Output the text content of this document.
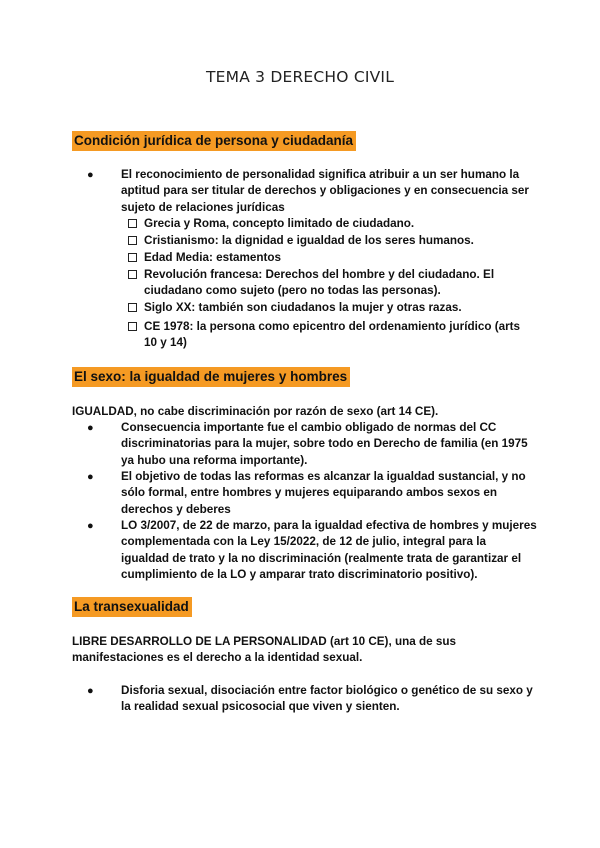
TEMA 3 DERECHO CIVIL
Condición jurídica de persona y ciudadanía
●	El reconocimiento de personalidad significa atribuir a un ser humano la aptitud para ser titular de derechos y obligaciones y en consecuencia ser sujeto de relaciones jurídicas
Grecia y Roma, concepto limitado de ciudadano.
Cristianismo: la dignidad e igualdad de los seres humanos.
Edad Media: estamentos
Revolución francesa: Derechos del hombre y del ciudadano. El ciudadano como sujeto (pero no todas las personas).
Siglo XX: también son ciudadanos la mujer y otras razas.
CE 1978: la persona como epicentro del ordenamiento jurídico (arts 10 y 14)
El sexo: la igualdad de mujeres y hombres

IGUALDAD, no cabe discriminación por razón de sexo (art 14 CE).

●	Consecuencia importante fue el cambio obligado de normas del CC discriminatorias para la mujer, sobre todo en Derecho de familia (en 1975 ya hubo una reforma importante).
●	El objetivo de todas las reformas es alcanzar la igualdad sustancial, y no sólo formal, entre hombres y mujeres equiparando ambos sexos en derechos y deberes
●	LO 3/2007, de 22 de marzo, para la igualdad efectiva de hombres y mujeres complementada con la Ley 15/2022, de 12 de julio, integral para la igualdad de trato y la no discriminación (realmente trata de garantizar el cumplimiento de la LO y amparar trato discriminatorio positivo).
La transexualidad

LIBRE DESARROLLO DE LA PERSONALIDAD (art 10 CE), una de sus manifestaciones es el derecho a la identidad sexual.

●	Disforia sexual, disociación entre factor biológico o genético de su sexo y la realidad sexual psicosocial que viven y sienten.
